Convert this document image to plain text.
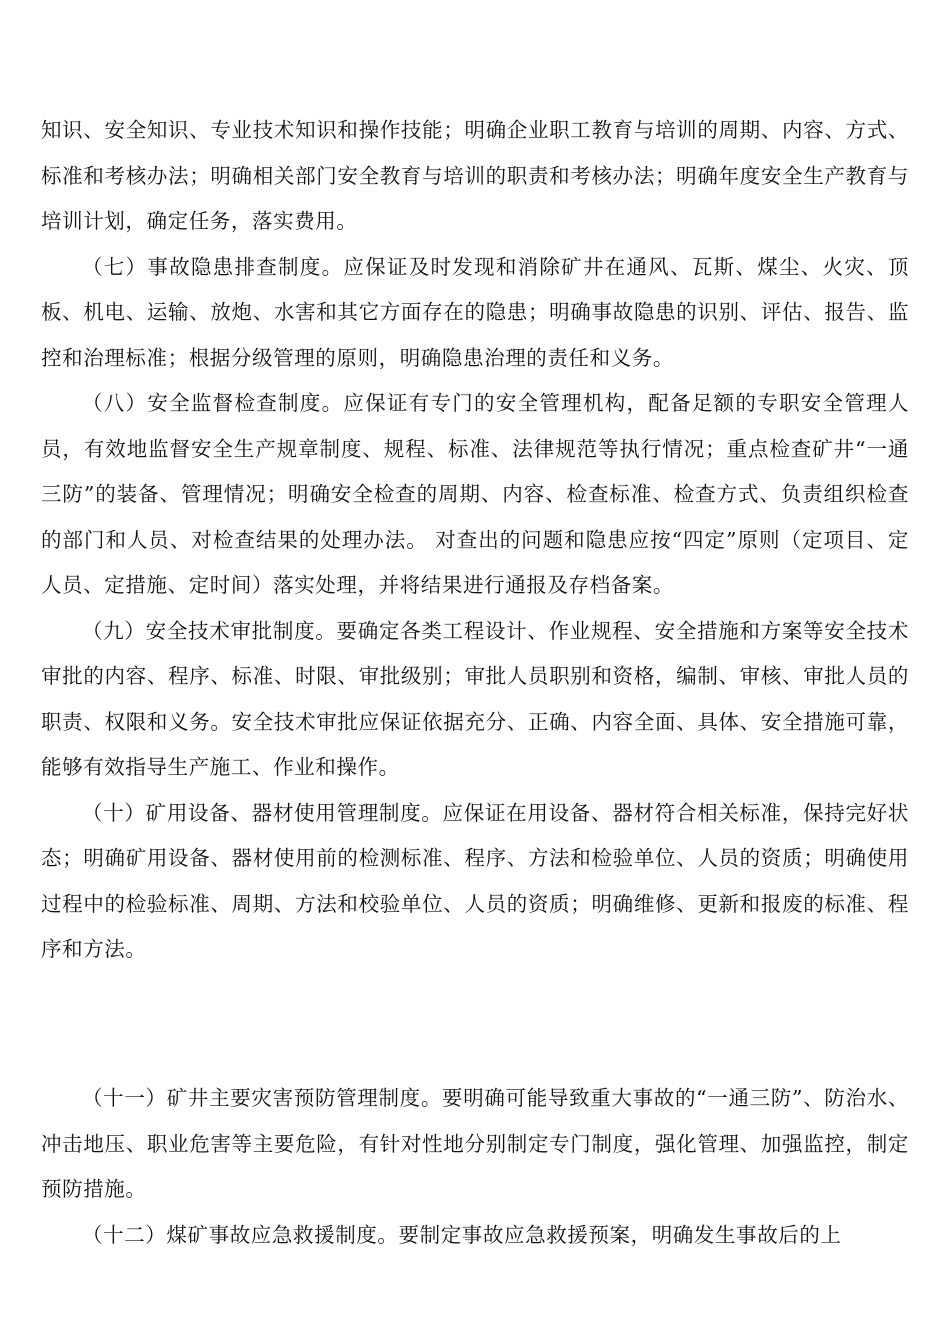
知识、安全知识、专业技术知识和操作技能；明确企业职工教育与培训的周期、内容、方式、标准和考核办法；明确相关部门安全教育与培训的职责和考核办法；明确年度安全生产教育与培训计划，确定任务，落实费用。

（七）事故隐患排查制度。应保证及时发现和消除矿井在通风、瓦斯、煤尘、火灾、顶板、机电、运输、放炮、水害和其它方面存在的隐患；明确事故隐患的识别、评估、报告、监控和治理标准；根据分级管理的原则，明确隐患治理的责任和义务。

（八）安全监督检查制度。应保证有专门的安全管理机构，配备足额的专职安全管理人员，有效地监督安全生产规章制度、规程、标准、法律规范等执行情况；重点检查矿井“一通三防”的装备、管理情况；明确安全检查的周期、内容、检查标准、检查方式、负责组织检查的部门和人员、对检查结果的处理办法。 对查出的问题和隐患应按“四定”原则（定项目、定人员、定措施、定时间）落实处理，并将结果进行通报及存档备案。

（九）安全技术审批制度。要确定各类工程设计、作业规程、安全措施和方案等安全技术审批的内容、程序、标准、时限、审批级别；审批人员职别和资格，编制、审核、审批人员的职责、权限和义务。安全技术审批应保证依据充分、正确、内容全面、具体、安全措施可靠，能够有效指导生产施工、作业和操作。

（十）矿用设备、器材使用管理制度。应保证在用设备、器材符合相关标准，保持完好状态；明确矿用设备、器材使用前的检测标准、程序、方法和检验单位、人员的资质；明确使用过程中的检验标准、周期、方法和校验单位、人员的资质；明确维修、更新和报废的标准、程序和方法。

（十一）矿井主要灾害预防管理制度。要明确可能导致重大事故的“一通三防”、防治水、冲击地压、职业危害等主要危险，有针对性地分别制定专门制度，强化管理、加强监控，制定预防措施。

（十二）煤矿事故应急救援制度。要制定事故应急救援预案，明确发生事故后的上
